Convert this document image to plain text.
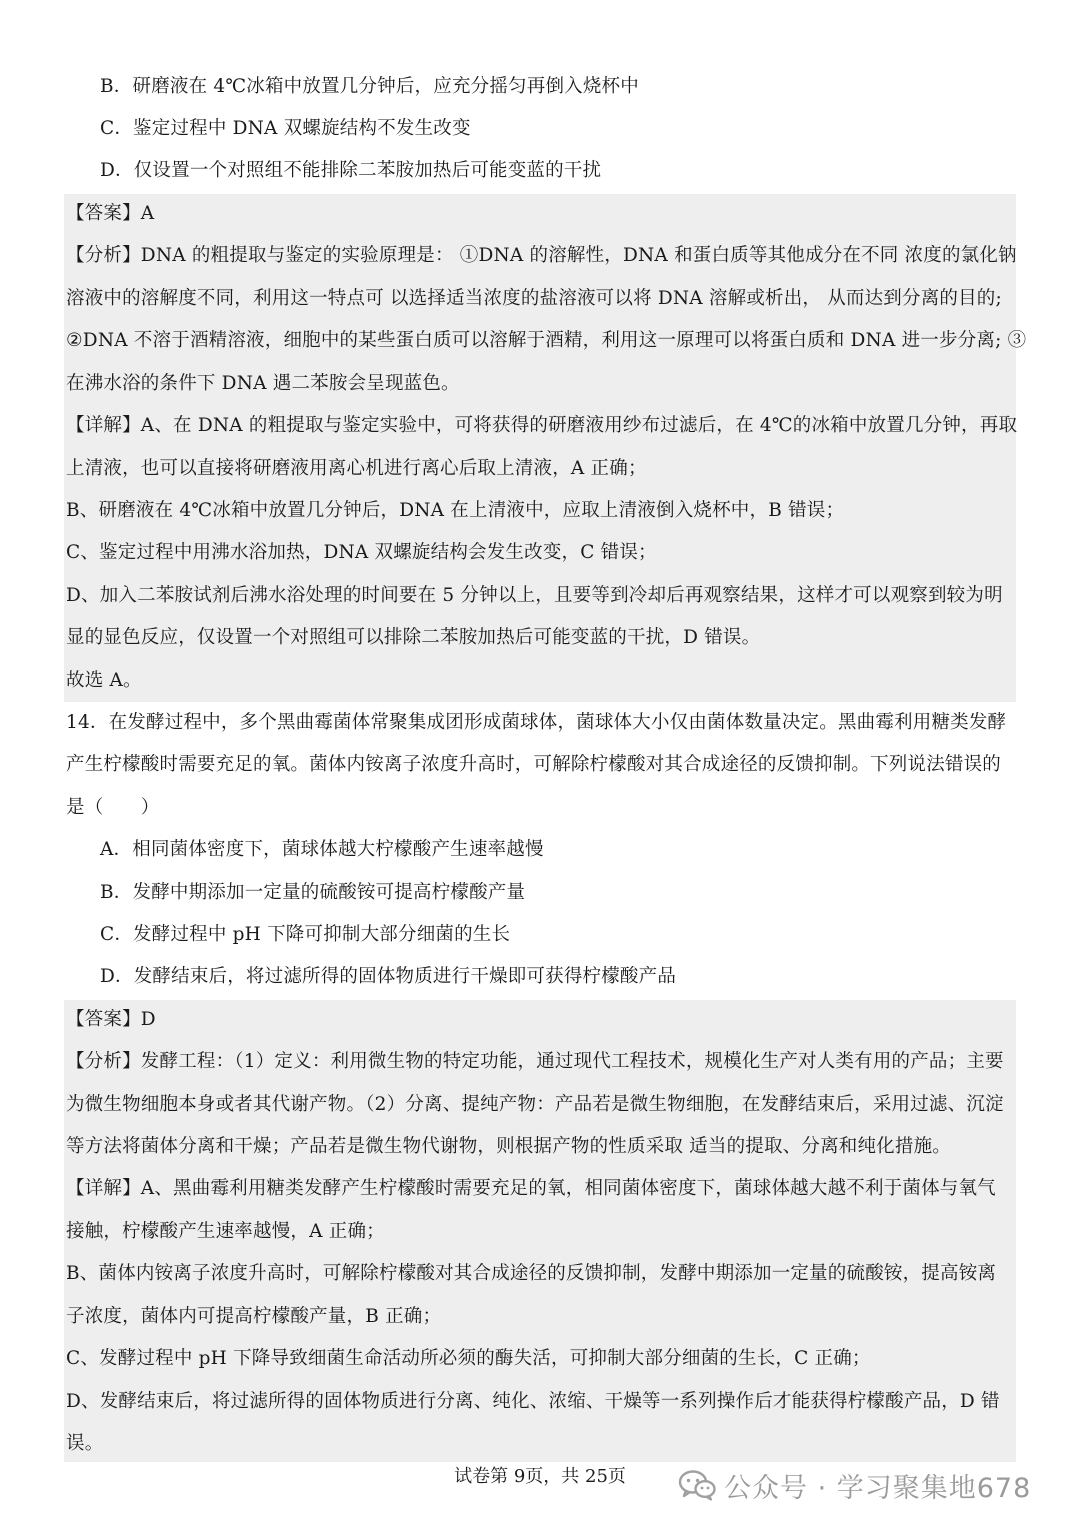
B．研磨液在 4℃冰箱中放置几分钟后，应充分摇匀再倒入烧杯中
C．鉴定过程中 DNA 双螺旋结构不发生改变
D．仅设置一个对照组不能排除二苯胺加热后可能变蓝的干扰
【答案】A
【分析】DNA 的粗提取与鉴定的实验原理是： ①DNA 的溶解性，DNA 和蛋白质等其他成分在不同 浓度的氯化钠
溶液中的溶解度不同，利用这一特点可 以选择适当浓度的盐溶液可以将 DNA 溶解或析出， 从而达到分离的目的;
②DNA 不溶于酒精溶液，细胞中的某些蛋白质可以溶解于酒精，利用这一原理可以将蛋白质和 DNA 进一步分离; ③
在沸水浴的条件下 DNA 遇二苯胺会呈现蓝色。
【详解】A、在 DNA 的粗提取与鉴定实验中，可将获得的研磨液用纱布过滤后，在 4℃的冰箱中放置几分钟，再取
上清液，也可以直接将研磨液用离心机进行离心后取上清液，A 正确；
B、研磨液在 4℃冰箱中放置几分钟后，DNA 在上清液中，应取上清液倒入烧杯中，B 错误；
C、鉴定过程中用沸水浴加热，DNA 双螺旋结构会发生改变，C 错误；
D、加入二苯胺试剂后沸水浴处理的时间要在 5 分钟以上，且要等到冷却后再观察结果，这样才可以观察到较为明
显的显色反应，仅设置一个对照组可以排除二苯胺加热后可能变蓝的干扰，D 错误。
故选 A。
14．在发酵过程中，多个黑曲霉菌体常聚集成团形成菌球体，菌球体大小仅由菌体数量决定。黑曲霉利用糖类发酵
产生柠檬酸时需要充足的氧。菌体内铵离子浓度升高时，可解除柠檬酸对其合成途径的反馈抑制。下列说法错误的
是（　　）
A．相同菌体密度下，菌球体越大柠檬酸产生速率越慢
B．发酵中期添加一定量的硫酸铵可提高柠檬酸产量
C．发酵过程中 pH 下降可抑制大部分细菌的生长
D．发酵结束后，将过滤所得的固体物质进行干燥即可获得柠檬酸产品
【答案】D
【分析】发酵工程：（1）定义：利用微生物的特定功能，通过现代工程技术，规模化生产对人类有用的产品；主要
为微生物细胞本身或者其代谢产物。（2）分离、提纯产物：产品若是微生物细胞，在发酵结束后，采用过滤、沉淀
等方法将菌体分离和干燥；产品若是微生物代谢物，则根据产物的性质采取 适当的提取、分离和纯化措施。
【详解】A、黑曲霉利用糖类发酵产生柠檬酸时需要充足的氧，相同菌体密度下，菌球体越大越不利于菌体与氧气
接触，柠檬酸产生速率越慢，A 正确；
B、菌体内铵离子浓度升高时，可解除柠檬酸对其合成途径的反馈抑制，发酵中期添加一定量的硫酸铵，提高铵离
子浓度，菌体内可提高柠檬酸产量，B 正确；
C、发酵过程中 pH 下降导致细菌生命活动所必须的酶失活，可抑制大部分细菌的生长，C 正确；
D、发酵结束后，将过滤所得的固体物质进行分离、纯化、浓缩、干燥等一系列操作后才能获得柠檬酸产品，D 错
误。
试卷第 9页，共 25页	公众号 · 学习聚集地678
